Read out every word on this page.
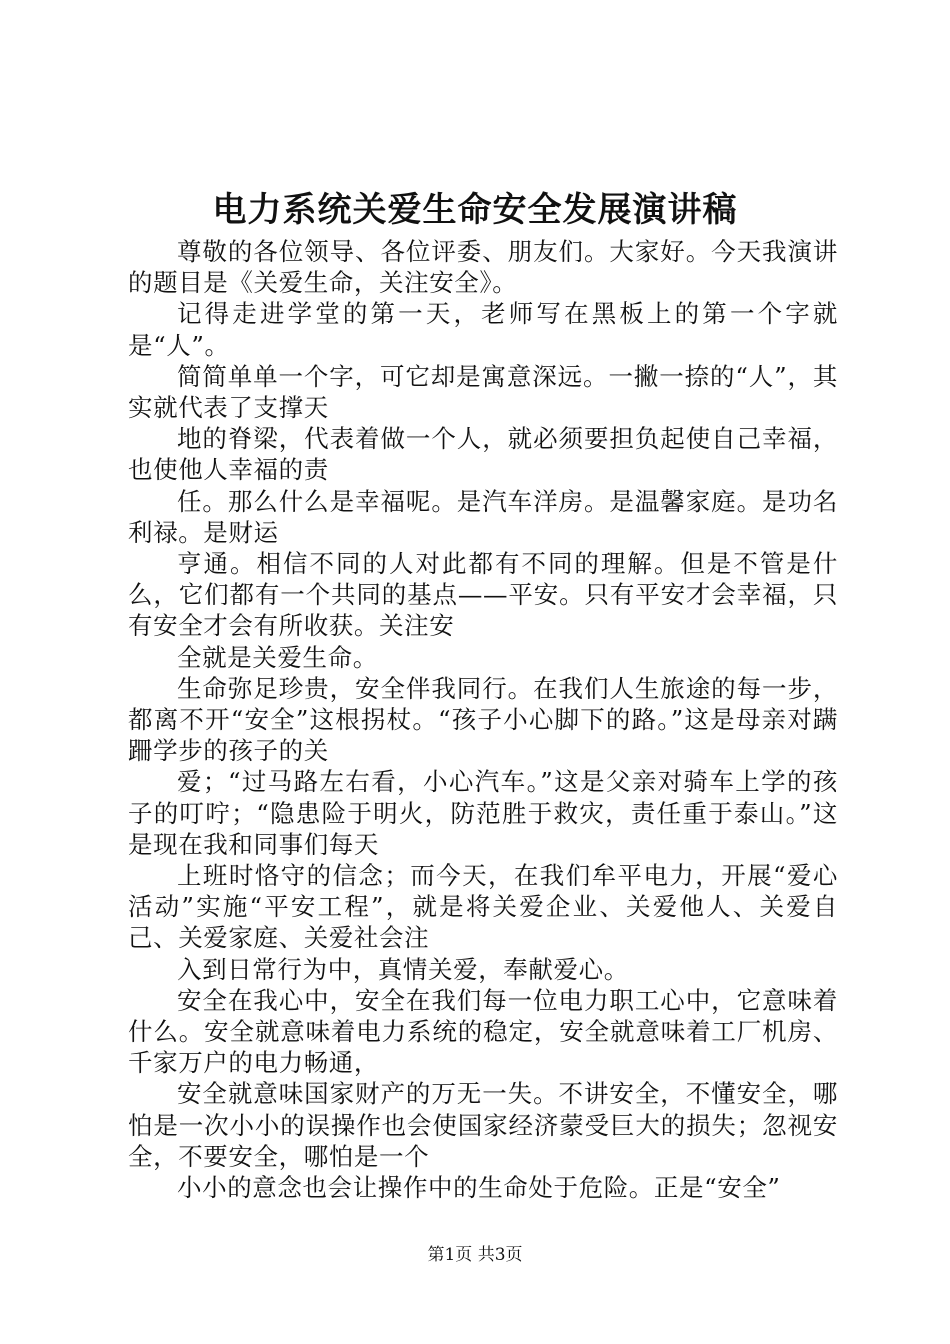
电力系统关爱生命安全发展演讲稿

尊敬的各位领导、各位评委、朋友们。大家好。今天我演讲的题目是《关爱生命，关注安全》。

记得走进学堂的第一天，老师写在黑板上的第一个字就是“人”。

简简单单一个字，可它却是寓意深远。一撇一捺的“人”，其实就代表了支撑天

地的脊梁，代表着做一个人，就必须要担负起使自己幸福，也使他人幸福的责

任。那么什么是幸福呢。是汽车洋房。是温馨家庭。是功名利禄。是财运

亨通。相信不同的人对此都有不同的理解。但是不管是什么，它们都有一个共同的基点——平安。只有平安才会幸福，只有安全才会有所收获。关注安

全就是关爱生命。

生命弥足珍贵，安全伴我同行。在我们人生旅途的每一步，都离不开“安全”这根拐杖。“孩子小心脚下的路。”这是母亲对蹒跚学步的孩子的关

爱；“过马路左右看，小心汽车。”这是父亲对骑车上学的孩子的叮咛；“隐患险于明火，防范胜于救灾，责任重于泰山。”这是现在我和同事们每天

上班时恪守的信念；而今天，在我们牟平电力，开展“爱心活动”实施“平安工程”，就是将关爱企业、关爱他人、关爱自己、关爱家庭、关爱社会注

入到日常行为中，真情关爱，奉献爱心。

安全在我心中，安全在我们每一位电力职工心中，它意味着什么。安全就意味着电力系统的稳定，安全就意味着工厂机房、千家万户的电力畅通，

安全就意味国家财产的万无一失。不讲安全，不懂安全，哪怕是一次小小的误操作也会使国家经济蒙受巨大的损失；忽视安全，不要安全，哪怕是一个

小小的意念也会让操作中的生命处于危险。正是“安全”

第1页 共3页
